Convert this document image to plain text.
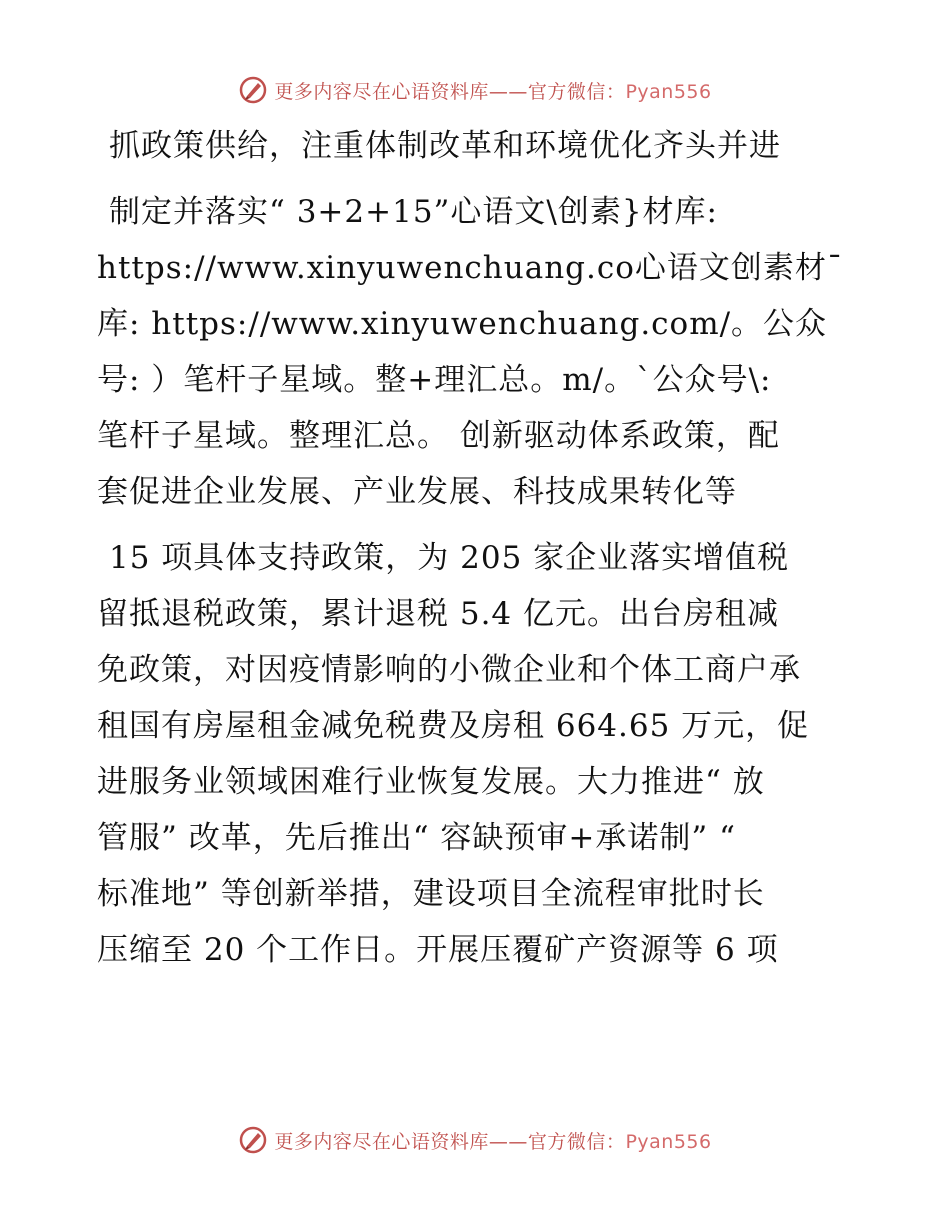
更多内容尽在心语资料库——官方微信：Pyan556
抓政策供给，注重体制改革和环境优化齐头并进
制定并落实“ 3+2+15”心语文\创素}材库:
https://www.xinyuwenchuang.co心语文创素材¯
库: https://www.xinyuwenchuang.com/。公众
号: ）笔杆子星域。整+理汇总。m/。`公众号\:
笔杆子星域。整理汇总。 创新驱动体系政策，配
套促进企业发展、产业发展、科技成果转化等
15 项具体支持政策，为 205 家企业落实增值税
留抵退税政策，累计退税 5.4 亿元。出台房租减
免政策，对因疫情影响的小微企业和个体工商户承
租国有房屋租金减免税费及房租 664.65 万元，促
进服务业领域困难行业恢复发展。大力推进“ 放
管服” 改革，先后推出“ 容缺预审+承诺制” “
标准地” 等创新举措，建设项目全流程审批时长
压缩至 20 个工作日。开展压覆矿产资源等 6 项
更多内容尽在心语资料库——官方微信：Pyan556
